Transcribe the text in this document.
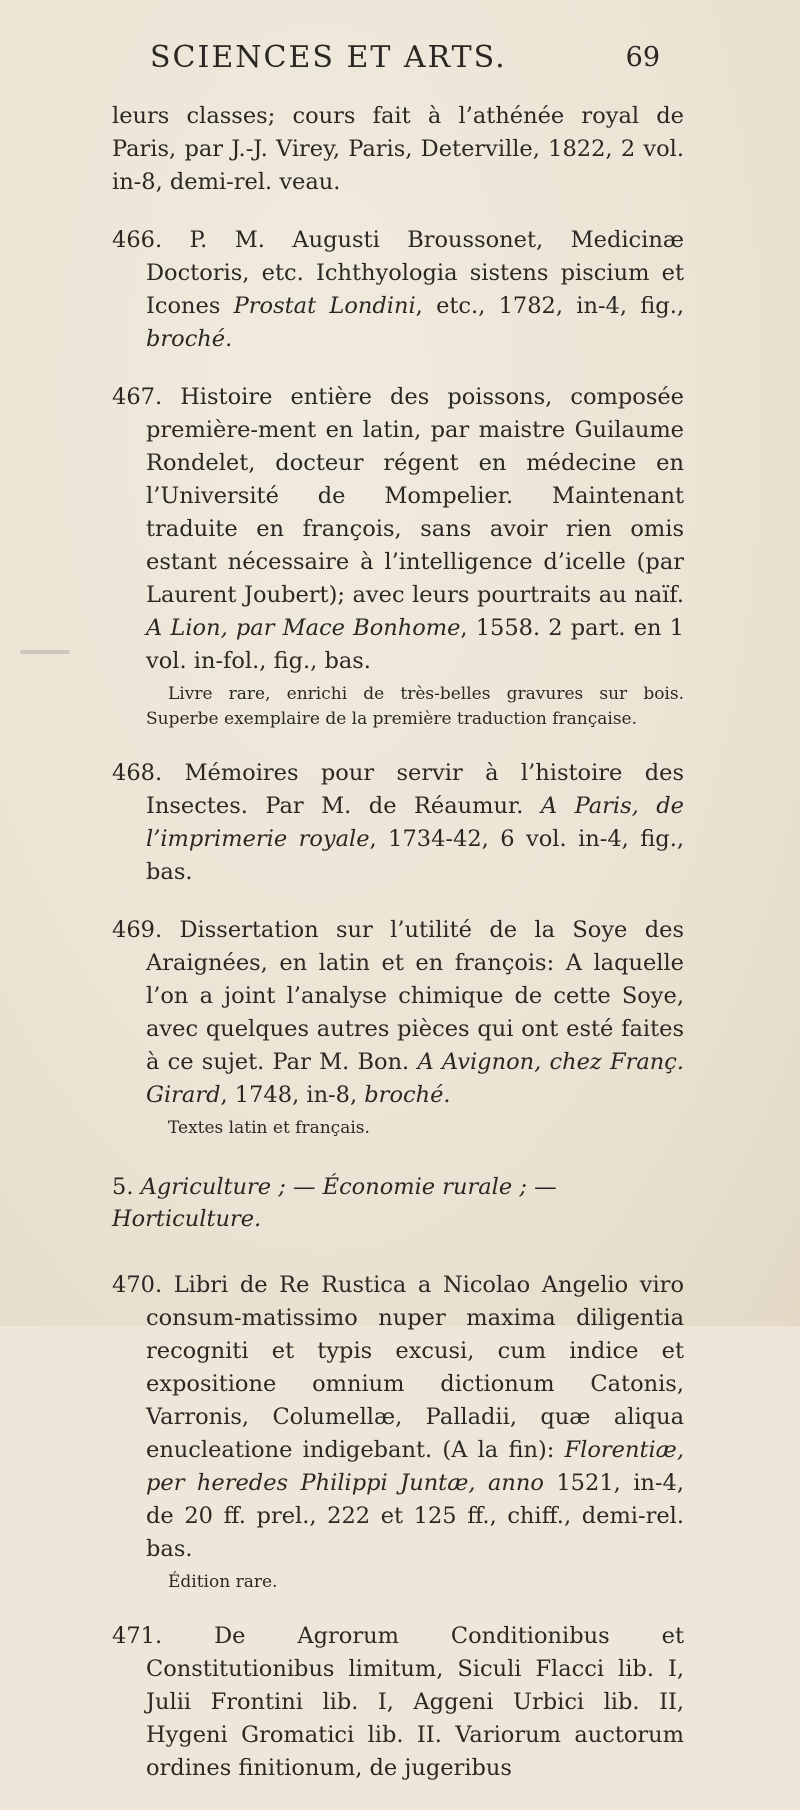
SCIENCES ET ARTS.	69

leurs classes; cours fait à l’athénée royal de Paris, par J.-J. Virey, Paris, Deterville, 1822, 2 vol. in-8, demi-rel. veau.

466. P. M. Augusti Broussonet, Medicinæ Doctoris, etc. Ichthyologia sistens piscium et Icones Prostat Londini, etc., 1782, in-4, fig., broché.

467. Histoire entière des poissons, composée première-ment en latin, par maistre Guilaume Rondelet, docteur régent en médecine en l’Université de Mompelier. Maintenant traduite en françois, sans avoir rien omis estant nécessaire à l’intelligence d’icelle (par Laurent Joubert); avec leurs pourtraits au naïf. A Lion, par Mace Bonhome, 1558. 2 part. en 1 vol. in-fol., fig., bas.

Livre rare, enrichi de très-belles gravures sur bois. Superbe exemplaire de la première traduction française.

468. Mémoires pour servir à l’histoire des Insectes. Par M. de Réaumur. A Paris, de l’imprimerie royale, 1734-42, 6 vol. in-4, fig., bas.

469. Dissertation sur l’utilité de la Soye des Araignées, en latin et en françois: A laquelle l’on a joint l’analyse chimique de cette Soye, avec quelques autres pièces qui ont esté faites à ce sujet. Par M. Bon. A Avignon, chez Franç. Girard, 1748, in-8, broché.

Textes latin et français.

5. Agriculture ; — Économie rurale ; — Horticulture.

470. Libri de Re Rustica a Nicolao Angelio viro consum-matissimo nuper maxima diligentia recogniti et typis excusi, cum indice et expositione omnium dictionum Catonis, Varronis, Columellæ, Palladii, quæ aliqua enucleatione indigebant. (A la fin): Florentiæ, per heredes Philippi Juntæ, anno 1521, in-4, de 20 ff. prel., 222 et 125 ff., chiff., demi-rel. bas.

Édition rare.

471. De Agrorum Conditionibus et Constitutionibus limitum, Siculi Flacci lib. I, Julii Frontini lib. I, Aggeni Urbici lib. II, Hygeni Gromatici lib. II. Variorum auctorum ordines finitionum, de jugeribus
